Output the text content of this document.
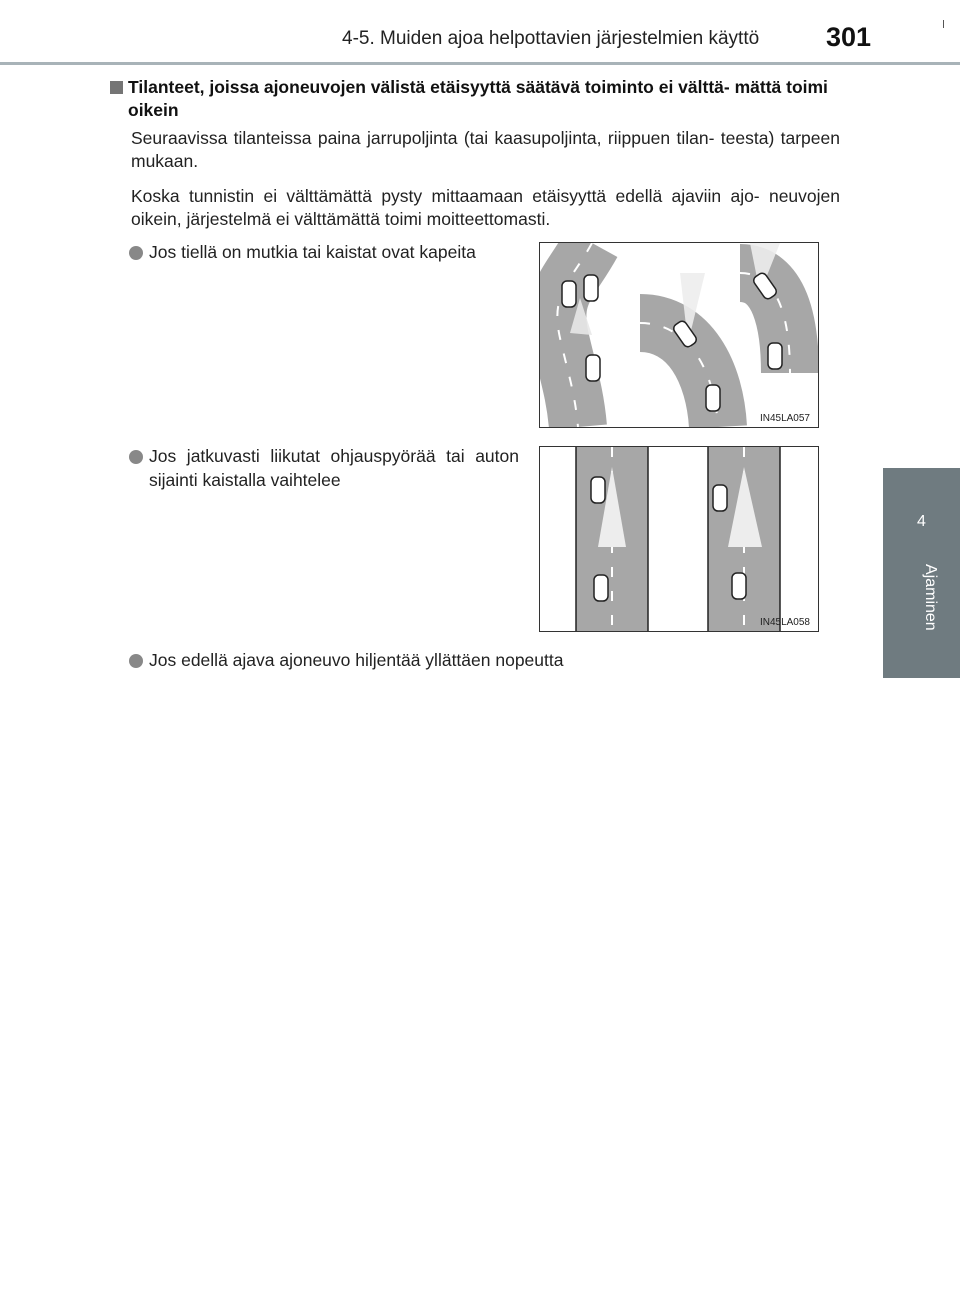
4-5. Muiden ajoa helpottavien järjestelmien käyttö 301
4
Ajaminen
Tilanteet, joissa ajoneuvojen välistä etäisyyttä säätävä toiminto ei välttä- mättä toimi oikein
Seuraavissa tilanteissa paina jarrupoljinta (tai kaasupoljinta, riippuen tilan- teesta) tarpeen mukaan.
Koska tunnistin ei välttämättä pysty mittaamaan etäisyyttä edellä ajaviin ajo- neuvojen oikein, järjestelmä ei välttämättä toimi moitteettomasti.
Jos tiellä on mutkia tai kaistat ovat kapeita
IN45LA057
Jos jatkuvasti liikutat ohjauspyörää tai auton sijainti kaistalla vaihtelee
IN45LA058
Jos edellä ajava ajoneuvo hiljentää yllättäen nopeutta
